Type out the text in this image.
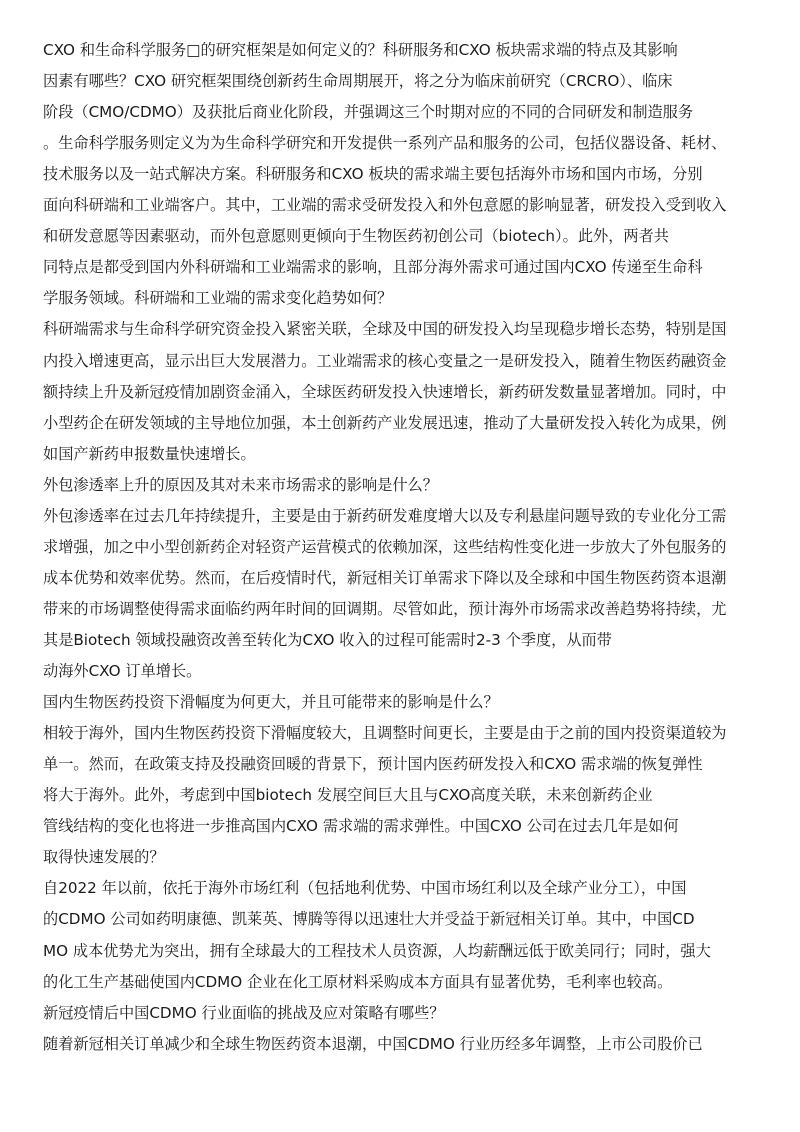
CXO 和生命科学服务□的研究框架是如何定义的？科研服务和CXO 板块需求端的特点及其影响
因素有哪些？CXO 研究框架围绕创新药生命周期展开，将之分为临床前研究（CRCRO）、临床
阶段（CMO/CDMO）及获批后商业化阶段，并强调这三个时期对应的不同的合同研发和制造服务
。生命科学服务则定义为为生命科学研究和开发提供一系列产品和服务的公司，包括仪器设备、耗材、
技术服务以及一站式解决方案。科研服务和CXO 板块的需求端主要包括海外市场和国内市场，分别
面向科研端和工业端客户。其中，工业端的需求受研发投入和外包意愿的影响显著，研发投入受到收入
和研发意愿等因素驱动，而外包意愿则更倾向于生物医药初创公司（biotech）。此外，两者共
同特点是都受到国内外科研端和工业端需求的影响，且部分海外需求可通过国内CXO 传递至生命科
学服务领域。科研端和工业端的需求变化趋势如何？
科研端需求与生命科学研究资金投入紧密关联，全球及中国的研发投入均呈现稳步增长态势，特别是国
内投入增速更高，显示出巨大发展潜力。工业端需求的核心变量之一是研发投入，随着生物医药融资金
额持续上升及新冠疫情加剧资金涌入，全球医药研发投入快速增长，新药研发数量显著增加。同时，中
小型药企在研发领域的主导地位加强，本土创新药产业发展迅速，推动了大量研发投入转化为成果，例
如国产新药申报数量快速增长。
外包渗透率上升的原因及其对未来市场需求的影响是什么？
外包渗透率在过去几年持续提升，主要是由于新药研发难度增大以及专利悬崖问题导致的专业化分工需
求增强，加之中小型创新药企对轻资产运营模式的依赖加深，这些结构性变化进一步放大了外包服务的
成本优势和效率优势。然而，在后疫情时代，新冠相关订单需求下降以及全球和中国生物医药资本退潮
带来的市场调整使得需求面临约两年时间的回调期。尽管如此，预计海外市场需求改善趋势将持续，尤
其是Biotech 领域投融资改善至转化为CXO 收入的过程可能需时2-3 个季度，从而带
动海外CXO 订单增长。
国内生物医药投资下滑幅度为何更大，并且可能带来的影响是什么？
相较于海外，国内生物医药投资下滑幅度较大，且调整时间更长，主要是由于之前的国内投资渠道较为
单一。然而，在政策支持及投融资回暖的背景下，预计国内医药研发投入和CXO 需求端的恢复弹性
将大于海外。此外，考虑到中国biotech 发展空间巨大且与CXO高度关联，未来创新药企业
管线结构的变化也将进一步推高国内CXO 需求端的需求弹性。中国CXO 公司在过去几年是如何
取得快速发展的？
自2022 年以前，依托于海外市场红利（包括地利优势、中国市场红利以及全球产业分工），中国
的CDMO 公司如药明康德、凯莱英、博腾等得以迅速壮大并受益于新冠相关订单。其中，中国CD
MO 成本优势尤为突出，拥有全球最大的工程技术人员资源，人均薪酬远低于欧美同行；同时，强大
的化工生产基础使国内CDMO 企业在化工原材料采购成本方面具有显著优势，毛利率也较高。
新冠疫情后中国CDMO 行业面临的挑战及应对策略有哪些？
随着新冠相关订单减少和全球生物医药资本退潮，中国CDMO 行业历经多年调整，上市公司股价已
